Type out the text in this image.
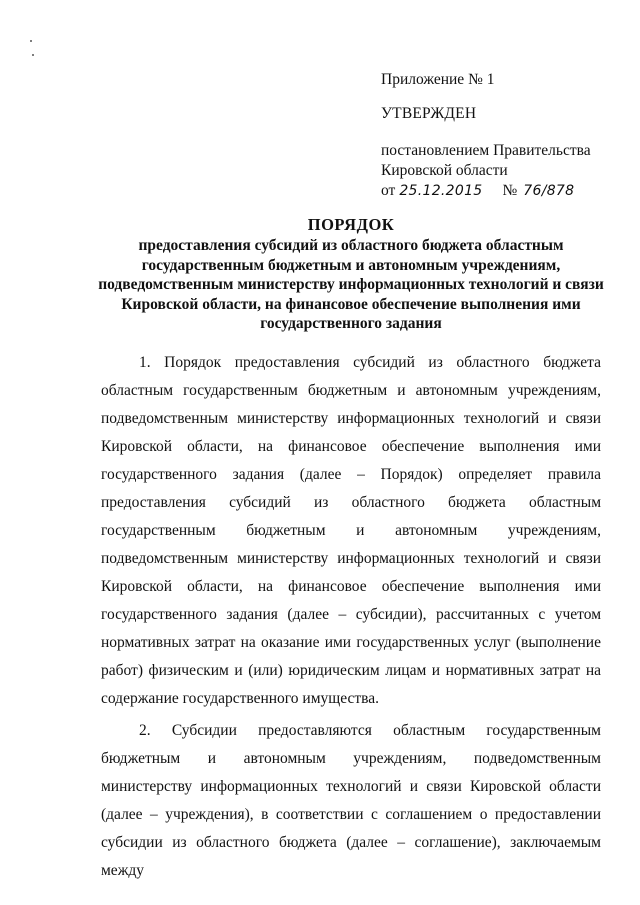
Приложение № 1
УТВЕРЖДЕН
постановлением Правительства
Кировской области
от 25.12.2015 № 76/878
ПОРЯДОК
предоставления субсидий из областного бюджета областным государственным бюджетным и автономным учреждениям, подведомственным министерству информационных технологий и связи Кировской области, на финансовое обеспечение выполнения ими государственного задания

1. Порядок предоставления субсидий из областного бюджета областным государственным бюджетным и автономным учреждениям, подведомственным министерству информационных технологий и связи Кировской области, на финансовое обеспечение выполнения ими государственного задания (далее – Порядок) определяет правила предоставления субсидий из областного бюджета областным государственным бюджетным и автономным учреждениям, подведомственным министерству информационных технологий и связи Кировской области, на финансовое обеспечение выполнения ими государственного задания (далее – субсидии), рассчитанных с учетом нормативных затрат на оказание ими государственных услуг (выполнение работ) физическим и (или) юридическим лицам и нормативных затрат на содержание государственного имущества.

2. Субсидии предоставляются областным государственным бюджетным и автономным учреждениям, подведомственным министерству информационных технологий и связи Кировской области (далее – учреждения), в соответствии с соглашением о предоставлении субсидии из областного бюджета (далее – соглашение), заключаемым между
